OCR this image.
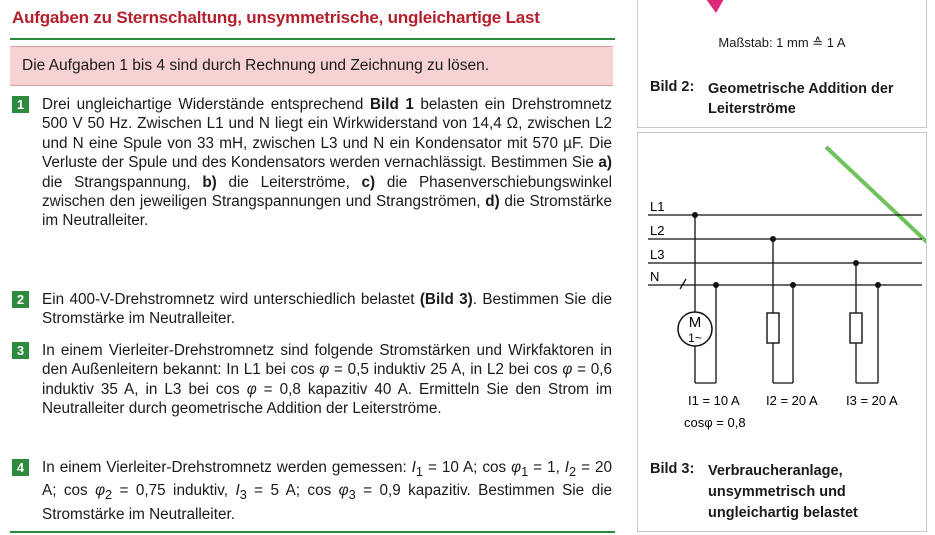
Aufgaben zu Sternschaltung, unsymmetrische, ungleichartige Last
Die Aufgaben 1 bis 4 sind durch Rechnung und Zeichnung zu lösen.
1	Drei ungleichartige Widerstände entsprechend Bild 1 belasten ein Drehstromnetz 500 V 50 Hz. Zwischen L1 und N liegt ein Wirkwiderstand von 14,4 Ω, zwischen L2 und N eine Spule von 33 mH, zwischen L3 und N ein Kondensator mit 570 µF. Die Verluste der Spule und des Kondensators werden vernachlässigt. Bestimmen Sie a) die Strangspannung, b) die Leiterströme, c) die Phasenverschiebungswinkel zwischen den jeweiligen Strangspannungen und Strangströmen, d) die Stromstärke im Neutralleiter.
2	Ein 400-V-Drehstromnetz wird unterschiedlich belastet (Bild 3). Bestimmen Sie die Stromstärke im Neutralleiter.
3	In einem Vierleiter-Drehstromnetz sind folgende Stromstärken und Wirkfaktoren in den Außenleitern bekannt: In L1 bei cos φ = 0,5 induktiv 25 A, in L2 bei cos φ = 0,6 induktiv 35 A, in L3 bei cos φ = 0,8 kapazitiv 40 A. Ermitteln Sie den Strom im Neutralleiter durch geometrische Addition der Leiterströme.
4	In einem Vierleiter-Drehstromnetz werden gemessen: $I_1 = 10$ A; $\cos \varphi_1 = 1$, $I_2 = 20$ A; $\cos \varphi_2 = 0,75$ induktiv, $I_3 = 5$ A; $\cos \varphi_3 = 0,9$ kapazitiv. Bestimmen Sie die Stromstärke im Neutralleiter.
Maßstab: 1 mm ≙ 1 A
Bild 2: Geometrische Addition der Leiterströme
L1
L2
L3
N
M
1~
I1 = 10 A I2 = 20 A I3 = 20 A
cosφ = 0,8
Bild 3: Verbraucheranlage, unsymmetrisch und ungleichartig belastet
